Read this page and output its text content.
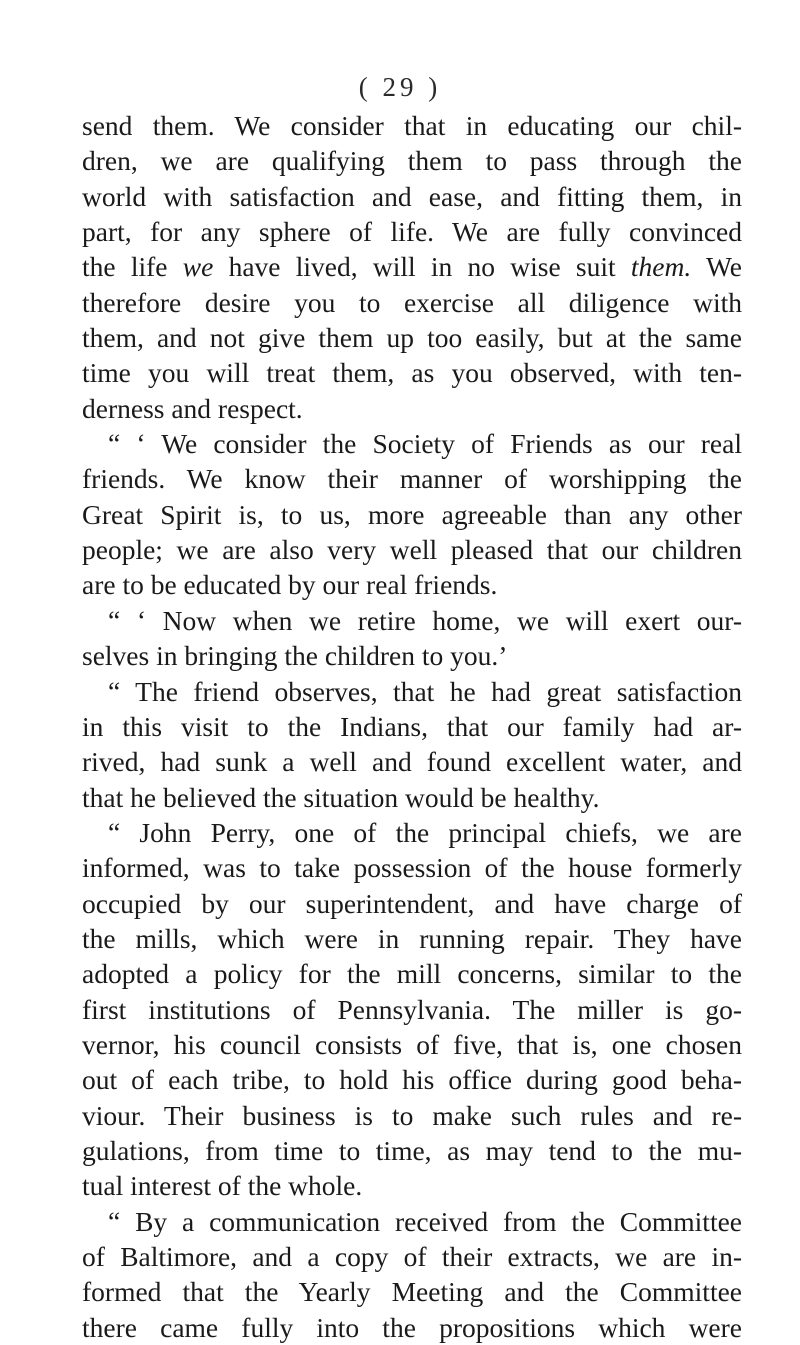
( 29 )
send them. We consider that in educating our chil-
dren, we are qualifying them to pass through the
world with satisfaction and ease, and fitting them, in
part, for any sphere of life. We are fully convinced
the life we have lived, will in no wise suit them. We
therefore desire you to exercise all diligence with
them, and not give them up too easily, but at the same
time you will treat them, as you observed, with ten-
derness and respect.
“ ‘ We consider the Society of Friends as our real
friends. We know their manner of worshipping the
Great Spirit is, to us, more agreeable than any other
people; we are also very well pleased that our children
are to be educated by our real friends.
“ ‘ Now when we retire home, we will exert our-
selves in bringing the children to you.’
“ The friend observes, that he had great satisfaction
in this visit to the Indians, that our family had ar-
rived, had sunk a well and found excellent water, and
that he believed the situation would be healthy.
“ John Perry, one of the principal chiefs, we are
informed, was to take possession of the house formerly
occupied by our superintendent, and have charge of
the mills, which were in running repair. They have
adopted a policy for the mill concerns, similar to the
first institutions of Pennsylvania. The miller is go-
vernor, his council consists of five, that is, one chosen
out of each tribe, to hold his office during good beha-
viour. Their business is to make such rules and re-
gulations, from time to time, as may tend to the mu-
tual interest of the whole.
“ By a communication received from the Committee
of Baltimore, and a copy of their extracts, we are in-
formed that the Yearly Meeting and the Committee
there came fully into the propositions which were
